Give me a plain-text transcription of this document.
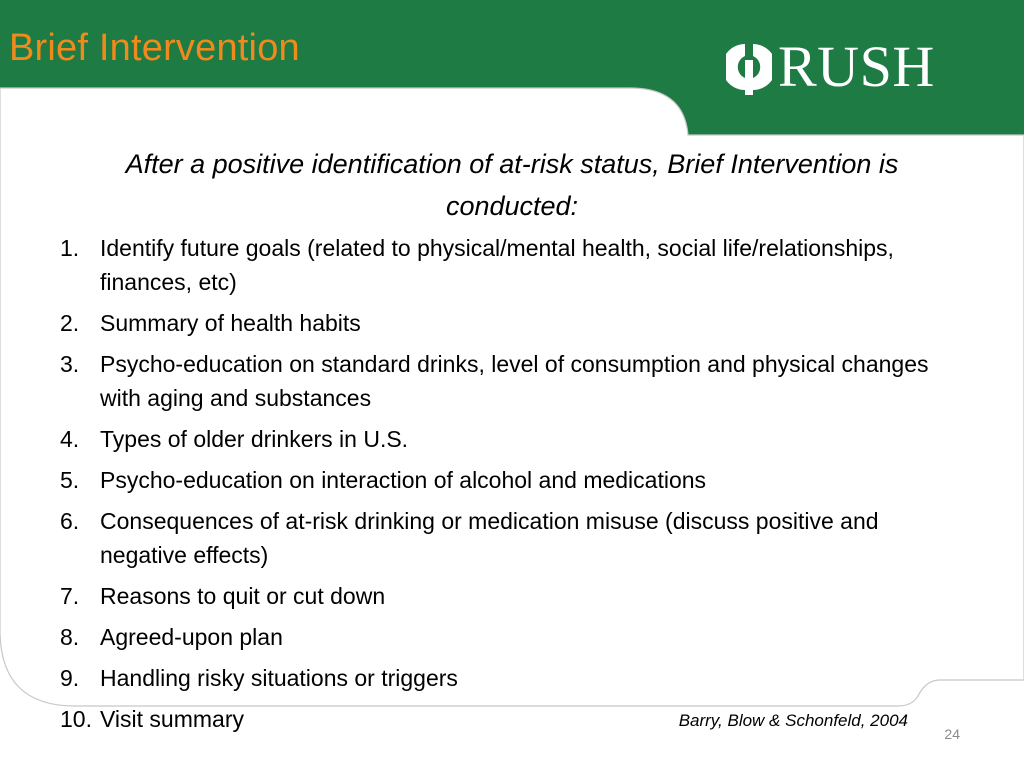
Brief Intervention	RUSH

After a positive identification of at-risk status, Brief Intervention is conducted:

1. Identify future goals (related to physical/mental health, social life/relationships, finances, etc)
2. Summary of health habits
3. Psycho-education on standard drinks, level of consumption and physical changes with aging and substances
4. Types of older drinkers in U.S.
5. Psycho-education on interaction of alcohol and medications
6. Consequences of at-risk drinking or medication misuse (discuss positive and negative effects)
7. Reasons to quit or cut down
8. Agreed-upon plan
9. Handling risky situations or triggers
10. Visit summary	Barry, Blow & Schonfeld, 2004
24
